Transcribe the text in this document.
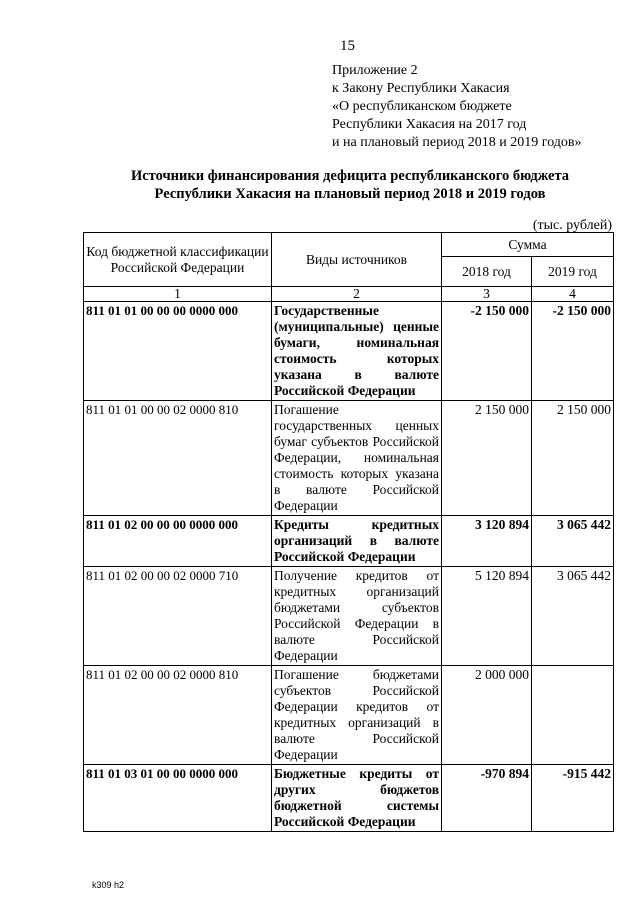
15
Приложение 2
к Закону Республики Хакасия
«О республиканском бюджете
Республики Хакасия на 2017 год
и на плановый период 2018 и 2019 годов»
Источники финансирования дефицита республиканского бюджета
Республики Хакасия на плановый период 2018 и 2019 годов
(тыс. рублей)
Код бюджетной классификации Российской Федерации	Виды источников	Сумма	
		2018 год	2019 год
1	2	3	4
811 01 01 00 00 00 0000 000	Государственные (муниципальные) ценные бумаги, номинальная стоимость которых указана в валюте Российской Федерации	-2 150 000	-2 150 000
811 01 01 00 00 02 0000 810	Погашение государственных ценных бумаг субъектов Российской Федерации, номинальная стоимость которых указана в валюте Российской Федерации	2 150 000	2 150 000
811 01 02 00 00 00 0000 000	Кредиты кредитных организаций в валюте Российской Федерации	3 120 894	3 065 442
811 01 02 00 00 02 0000 710	Получение кредитов от кредитных организаций бюджетами субъектов Российской Федерации в валюте Российской Федерации	5 120 894	3 065 442
811 01 02 00 00 02 0000 810	Погашение бюджетами субъектов Российской Федерации кредитов от кредитных организаций в валюте Российской Федерации	2 000 000	
811 01 03 01 00 00 0000 000	Бюджетные кредиты от других бюджетов бюджетной системы Российской Федерации	-970 894	-915 442
k309 h2
